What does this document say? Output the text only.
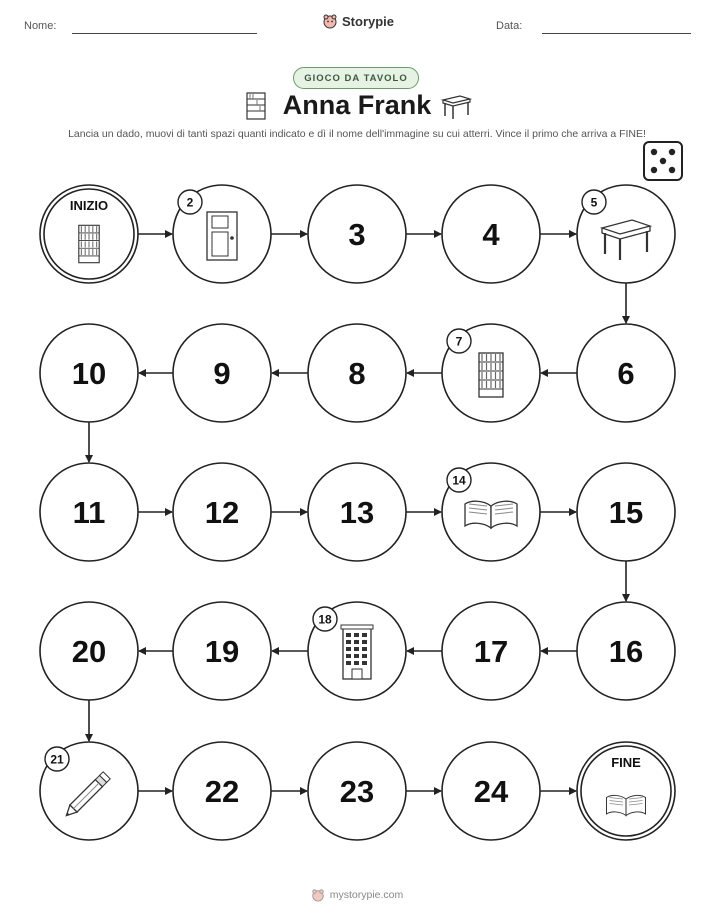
Nome:	Storypie	Data:
GIOCO DA TAVOLO
Anna Frank
Lancia un dado, muovi di tanti spazi quanti indicato e dì il nome dell'immagine su cui atterri. Vince il primo che arriva a FINE!
INIZIO	2
3	4
5
6
7
8
9
10
11	12	13
14
15
16
17
18
19
20
21
22	23	24
FINE
mystorypie.com
